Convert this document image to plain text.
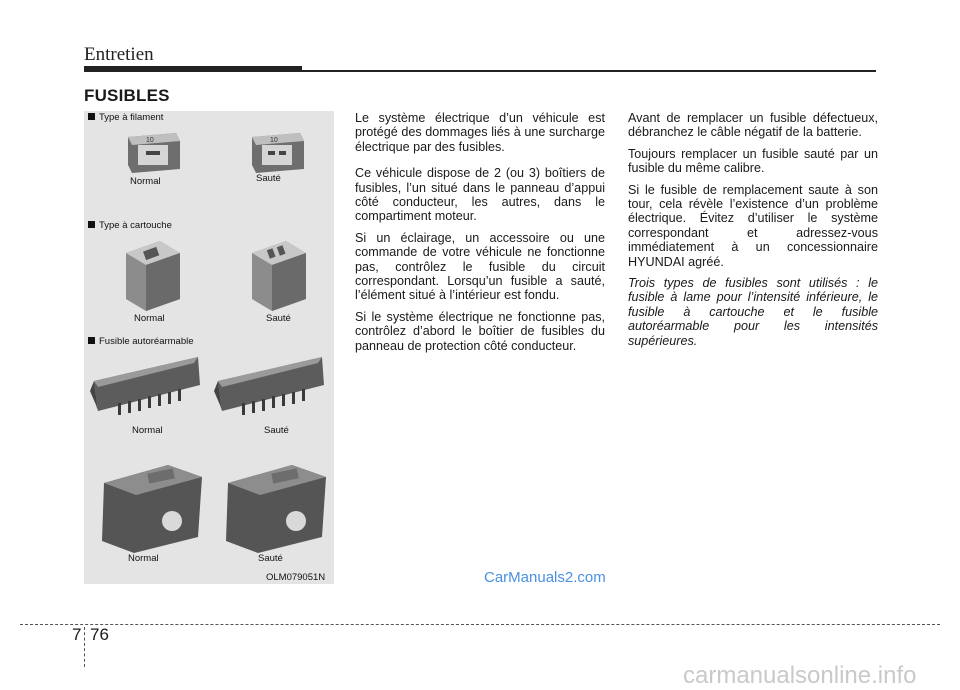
Entretien
FUSIBLES
Type à filament
10
Normal
10
Sauté
Type à cartouche
Normal	Sauté
Fusible autoréarmable
Normal	Sauté
Normal	Sauté
OLM079051N

Le système électrique d’un véhicule est protégé des dommages liés à une surcharge électrique par des fusibles.

Ce véhicule dispose de 2 (ou 3) boîtiers de fusibles, l’un situé dans le panneau d’appui côté conducteur, les autres, dans le compartiment moteur.

Si un éclairage, un accessoire ou une commande de votre véhicule ne fonctionne pas, contrôlez le fusible du circuit correspondant. Lorsqu’un fusible a sauté, l’élément situé à l’intérieur est fondu.

Si le système électrique ne fonctionne pas, contrôlez d’abord le boîtier de fusibles du panneau de protection côté conducteur.

Avant de remplacer un fusible défectueux, débranchez le câble négatif de la batterie.

Toujours remplacer un fusible sauté par un fusible du même calibre.

Si le fusible de remplacement saute à son tour, cela révèle l’existence d’un problème électrique. Évitez d’utiliser le système correspondant et adressez-vous immédiatement à un concessionnaire HYUNDAI agréé.

Trois types de fusibles sont utilisés : le fusible à lame pour l’intensité inférieure, le fusible à cartouche et le fusible autoréarmable pour les intensités supérieures.

CarManuals2.com
7 76
carmanualsonline.info
